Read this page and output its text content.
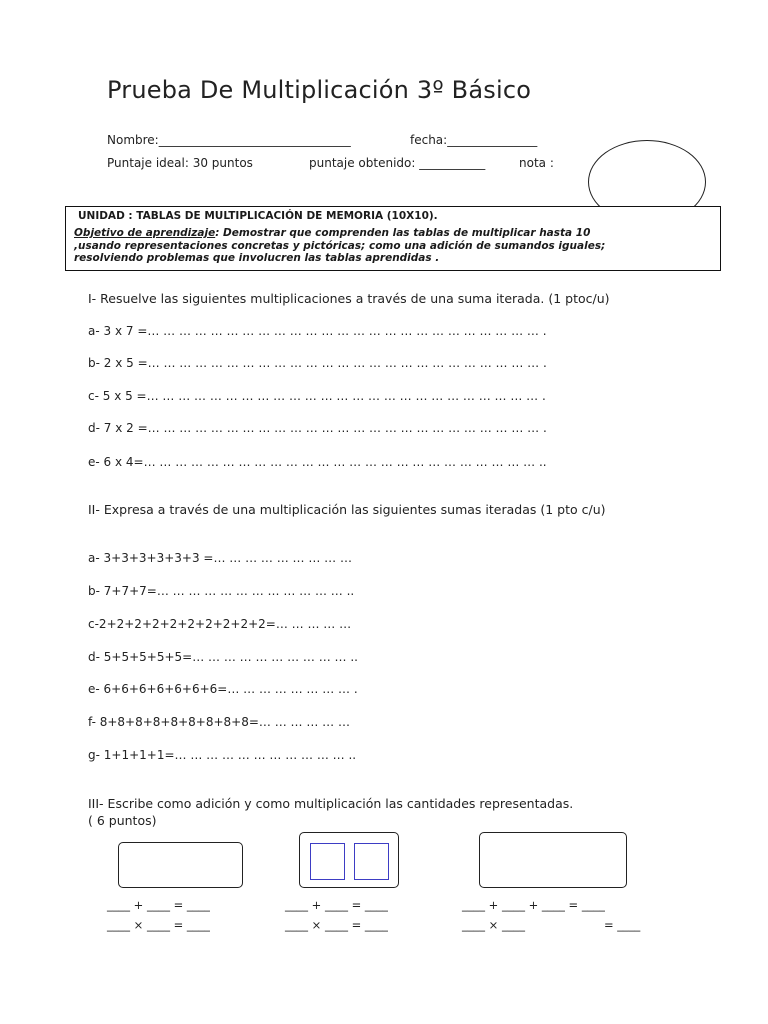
Prueba De Multiplicación 3º Básico
Nombre:________________________________	fecha:_______________
Puntaje ideal: 30 puntos	puntaje obtenido: ___________	nota :
UNIDAD : TABLAS DE MULTIPLICACIÓN DE MEMORIA (10X10).
Objetivo de aprendizaje: Demostrar que comprenden las tablas de multiplicar hasta 10
,usando representaciones concretas y pictóricas; como una adición de sumandos iguales;
resolviendo problemas que involucren las tablas aprendidas .
I- Resuelve las siguientes multiplicaciones a través de una suma iterada. (1 ptoc/u)
a- 3 x 7 =… … … … … … … … … … … … … … … … … … … … … … … … … .
b- 2 x 5 =… … … … … … … … … … … … … … … … … … … … … … … … … .
c- 5 x 5 =… … … … … … … … … … … … … … … … … … … … … … … … … .
d- 7 x 2 =… … … … … … … … … … … … … … … … … … … … … … … … … .
e- 6 x 4=… … … … … … … … … … … … … … … … … … … … … … … … … ..
II- Expresa a través de una multiplicación las siguientes sumas iteradas (1 pto c/u)
a- 3+3+3+3+3+3 =… … … … … … … … …
b- 7+7+7=… … … … … … … … … … … … ..
c-2+2+2+2+2+2+2+2+2+2=… … … … …
d- 5+5+5+5+5=… … … … … … … … … … ..
e- 6+6+6+6+6+6+6=… … … … … … … … .
f- 8+8+8+8+8+8+8+8+8=… … … … … …
g- 1+1+1+1=… … … … … … … … … … … ..
III- Escribe como adición y como multiplicación las cantidades representadas.
( 6 puntos)
____ + ____ = ____
____ × ____ = ____
____ + ____ = ____
____ × ____ = ____
____ + ____ + ____ = ____
____ × ____	= ____
